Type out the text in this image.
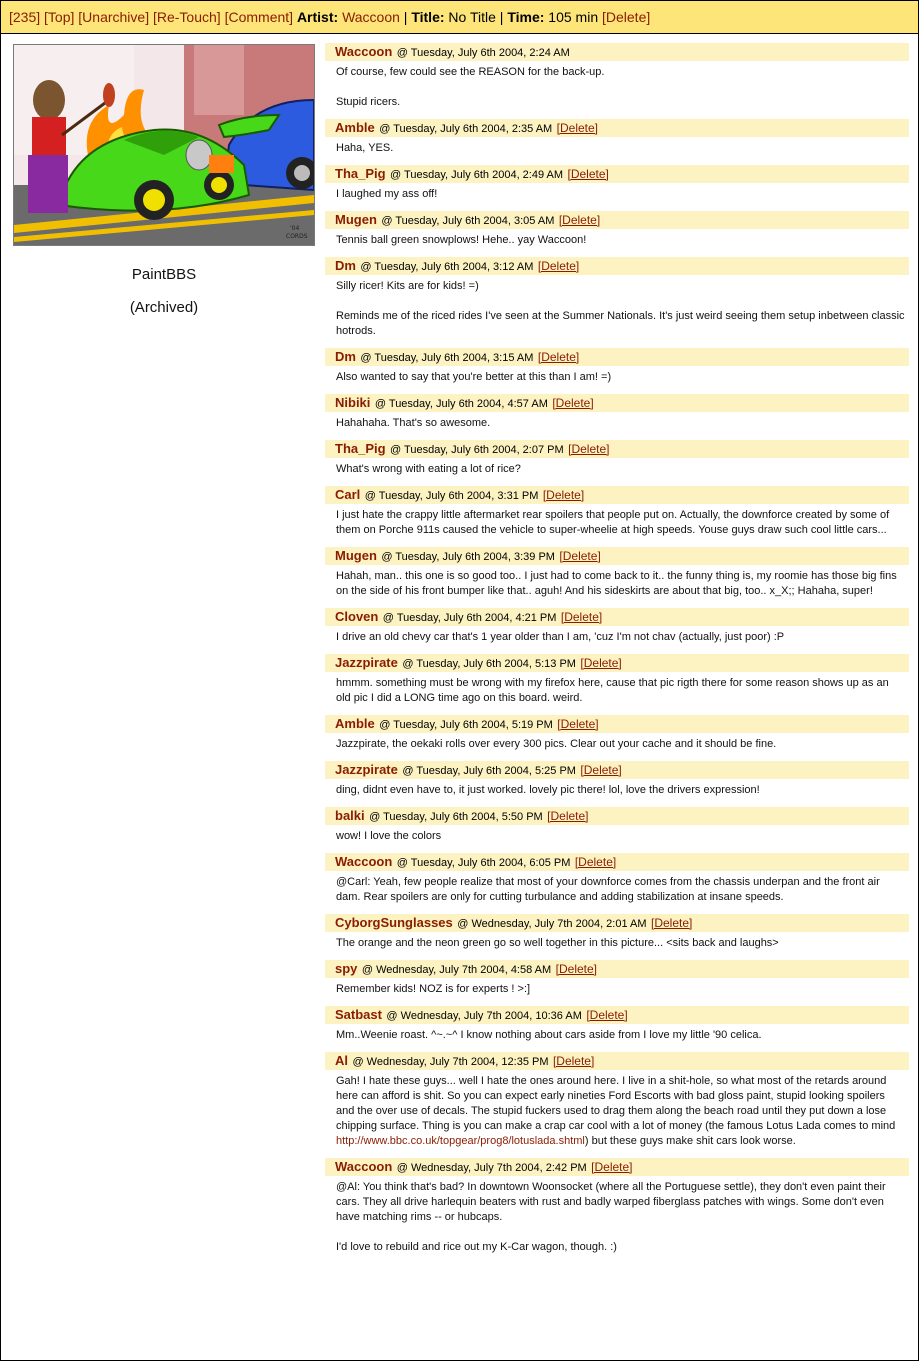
[235] [Top] [Unarchive] [Re-Touch] [Comment] Artist: Waccoon | Title: No Title | Time: 105 min [Delete]
'04
CORDS
PaintBBS
(Archived)
Waccoon @ Tuesday, July 6th 2004, 2:24 AM

Of course, few could see the REASON for the back-up.

Stupid ricers.

Amble @ Tuesday, July 6th 2004, 2:35 AM [Delete]

Haha, YES.

Tha_Pig @ Tuesday, July 6th 2004, 2:49 AM [Delete]

I laughed my ass off!

Mugen @ Tuesday, July 6th 2004, 3:05 AM [Delete]

Tennis ball green snowplows! Hehe.. yay Waccoon!

Dm @ Tuesday, July 6th 2004, 3:12 AM [Delete]

Silly ricer! Kits are for kids! =)

Reminds me of the riced rides I've seen at the Summer Nationals. It's just weird seeing them setup inbetween classic hotrods.

Dm @ Tuesday, July 6th 2004, 3:15 AM [Delete]

Also wanted to say that you're better at this than I am! =)

Nibiki @ Tuesday, July 6th 2004, 4:57 AM [Delete]

Hahahaha. That's so awesome.

Tha_Pig @ Tuesday, July 6th 2004, 2:07 PM [Delete]

What's wrong with eating a lot of rice?

Carl @ Tuesday, July 6th 2004, 3:31 PM [Delete]

I just hate the crappy little aftermarket rear spoilers that people put on. Actually, the downforce created by some of them on Porche 911s caused the vehicle to super-wheelie at high speeds. Youse guys draw such cool little cars...

Mugen @ Tuesday, July 6th 2004, 3:39 PM [Delete]

Hahah, man.. this one is so good too.. I just had to come back to it.. the funny thing is, my roomie has those big fins on the side of his front bumper like that.. aguh! And his sideskirts are about that big, too.. x_X;; Hahaha, super!

Cloven @ Tuesday, July 6th 2004, 4:21 PM [Delete]

I drive an old chevy car that's 1 year older than I am, 'cuz I'm not chav (actually, just poor) :P

Jazzpirate @ Tuesday, July 6th 2004, 5:13 PM [Delete]

hmmm. something must be wrong with my firefox here, cause that pic rigth there for some reason shows up as an old pic I did a LONG time ago on this board. weird.

Amble @ Tuesday, July 6th 2004, 5:19 PM [Delete]

Jazzpirate, the oekaki rolls over every 300 pics. Clear out your cache and it should be fine.

Jazzpirate @ Tuesday, July 6th 2004, 5:25 PM [Delete]

ding, didnt even have to, it just worked. lovely pic there! lol, love the drivers expression!

balki @ Tuesday, July 6th 2004, 5:50 PM [Delete]

wow! I love the colors

Waccoon @ Tuesday, July 6th 2004, 6:05 PM [Delete]

@Carl: Yeah, few people realize that most of your downforce comes from the chassis underpan and the front air dam. Rear spoilers are only for cutting turbulance and adding stabilization at insane speeds.

CyborgSunglasses @ Wednesday, July 7th 2004, 2:01 AM [Delete]

The orange and the neon green go so well together in this picture... <sits back and laughs>

spy @ Wednesday, July 7th 2004, 4:58 AM [Delete]

Remember kids! NOZ is for experts ! >:]

Satbast @ Wednesday, July 7th 2004, 10:36 AM [Delete]

Mm..Weenie roast. ^~.~^ I know nothing about cars aside from I love my little '90 celica.

Al @ Wednesday, July 7th 2004, 12:35 PM [Delete]

Gah! I hate these guys... well I hate the ones around here. I live in a shit-hole, so what most of the retards around here can afford is shit. So you can expect early nineties Ford Escorts with bad gloss paint, stupid looking spoilers and the over use of decals. The stupid fuckers used to drag them along the beach road until they put down a lose chipping surface. Thing is you can make a crap car cool with a lot of money (the famous Lotus Lada comes to mind http://www.bbc.co.uk/topgear/prog8/lotuslada.shtml) but these guys make shit cars look worse.

Waccoon @ Wednesday, July 7th 2004, 2:42 PM [Delete]

@Al: You think that's bad? In downtown Woonsocket (where all the Portuguese settle), they don't even paint their cars. They all drive harlequin beaters with rust and badly warped fiberglass patches with wings. Some don't even have matching rims -- or hubcaps.

I'd love to rebuild and rice out my K-Car wagon, though. :)
